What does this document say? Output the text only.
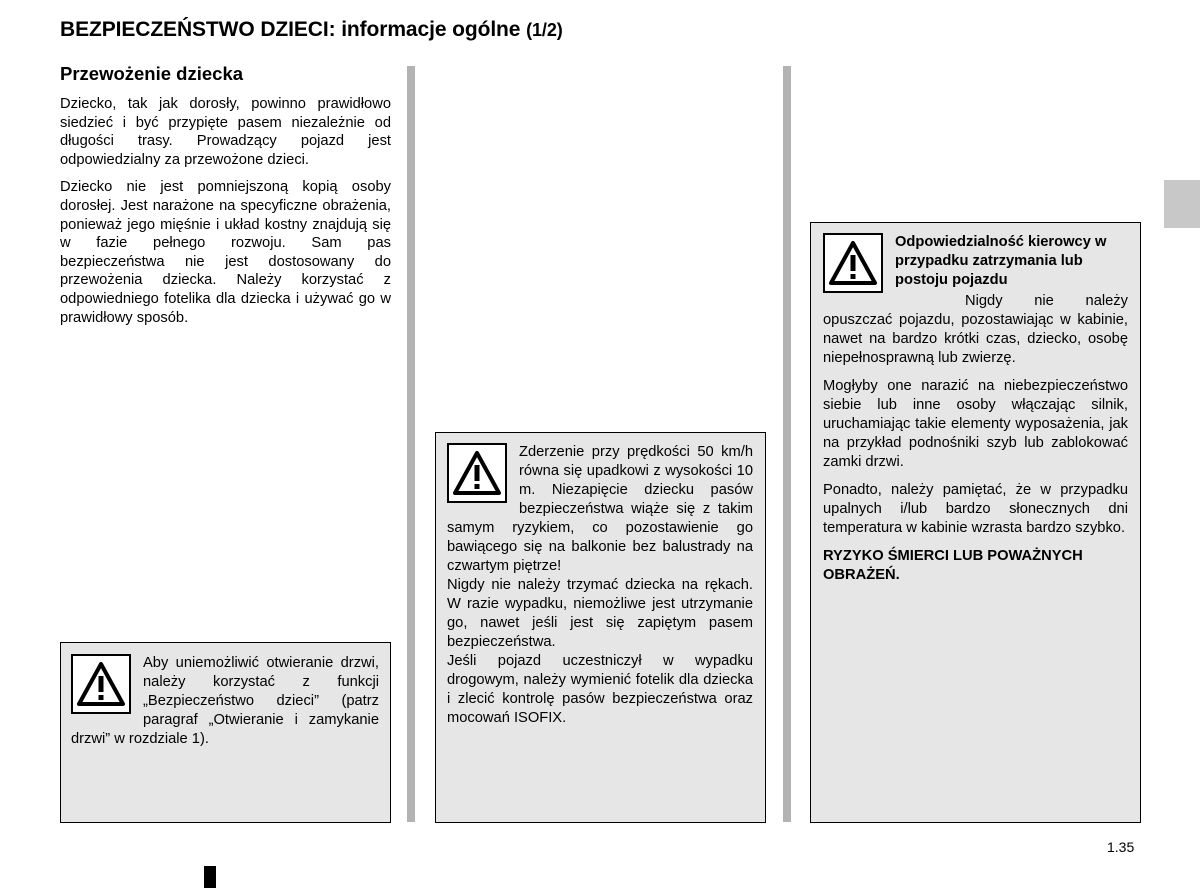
BEZPIECZEŃSTWO DZIECI: informacje ogólne (1/2)
Przewożenie dziecka

Dziecko, tak jak dorosły, powinno prawidłowo siedzieć i być przypięte pasem niezależnie od długości trasy. Prowadzący pojazd jest odpowiedzialny za przewożone dzieci.

Dziecko nie jest pomniejszoną kopią osoby dorosłej. Jest narażone na specyficzne obrażenia, ponieważ jego mięśnie i układ kostny znajdują się w fazie pełnego rozwoju. Sam pas bezpieczeństwa nie jest dostosowany do przewożenia dziecka. Należy korzystać z odpowiedniego fotelika dla dziecka i używać go w prawidłowy sposób.

Aby uniemożliwić otwieranie drzwi, należy korzystać z funkcji „Bezpieczeństwo dzieci” (patrz paragraf „Otwieranie i zamykanie drzwi” w rozdziale 1).

Zderzenie przy prędkości 50 km/h równa się upadkowi z wysokości 10 m. Niezapięcie dziecku pasów bezpieczeństwa wiąże się z takim samym ryzykiem, co pozostawienie go bawiącego się na balkonie bez balustrady na czwartym piętrze!

Nigdy nie należy trzymać dziecka na rękach. W razie wypadku, niemożliwe jest utrzymanie go, nawet jeśli jest się zapiętym pasem bezpieczeństwa.

Jeśli pojazd uczestniczył w wypadku drogowym, należy wymienić fotelik dla dziecka i zlecić kontrolę pasów bezpieczeństwa oraz mocowań ISOFIX.

Odpowiedzialność kierowcy w przypadku zatrzymania lub postoju pojazdu

Nigdy nie należy opuszczać pojazdu, pozostawiając w kabinie, nawet na bardzo krótki czas, dziecko, osobę niepełnosprawną lub zwierzę.

Mogłyby one narazić na niebezpieczeństwo siebie lub inne osoby włączając silnik, uruchamiając takie elementy wyposażenia, jak na przykład podnośniki szyb lub zablokować zamki drzwi.

Ponadto, należy pamiętać, że w przypadku upalnych i/lub bardzo słonecznych dni temperatura w kabinie wzrasta bardzo szybko.

RYZYKO ŚMIERCI LUB POWAŻNYCH OBRAŻEŃ.

1.35
